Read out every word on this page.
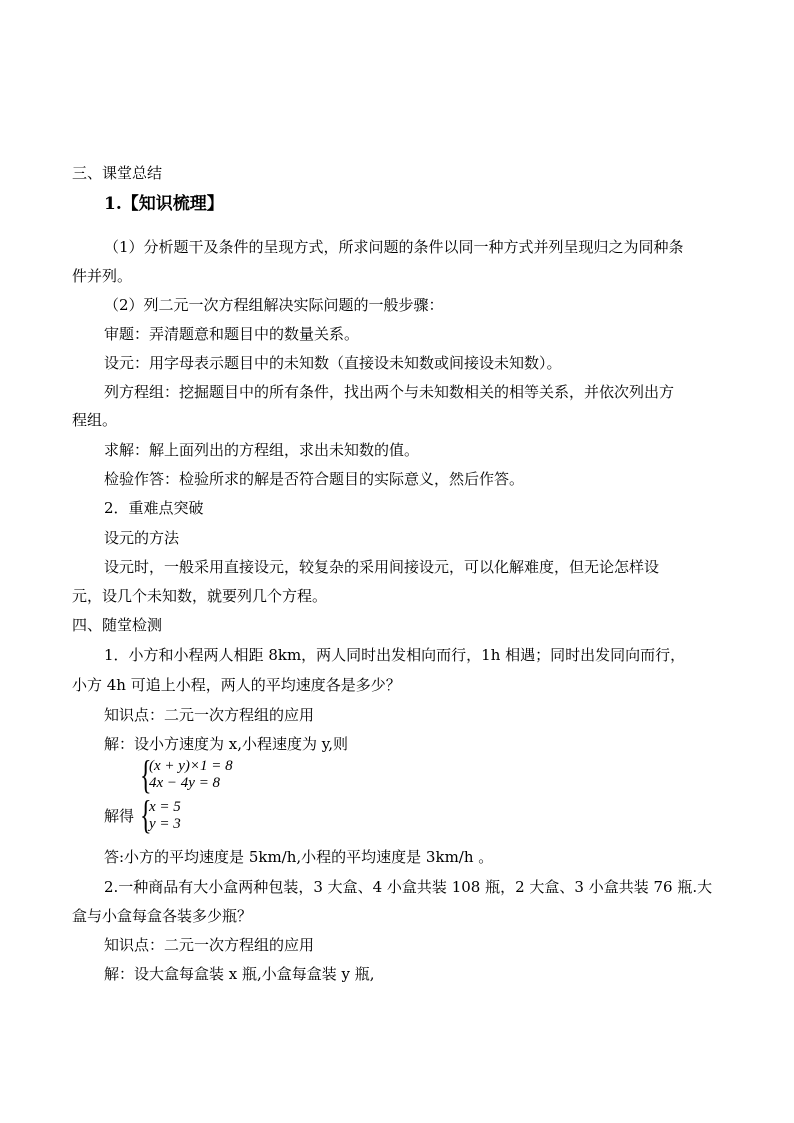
三、课堂总结
1.【知识梳理】
（1）分析题干及条件的呈现方式，所求问题的条件以同一种方式并列呈现归之为同种条
件并列。
（2）列二元一次方程组解决实际问题的一般步骤：
审题：弄清题意和题目中的数量关系。
设元：用字母表示题目中的未知数（直接设未知数或间接设未知数）。
列方程组：挖掘题目中的所有条件，找出两个与未知数相关的相等关系，并依次列出方
程组。
求解：解上面列出的方程组，求出未知数的值。
检验作答：检验所求的解是否符合题目的实际意义，然后作答。
2．重难点突破
设元的方法
设元时，一般采用直接设元，较复杂的采用间接设元，可以化解难度，但无论怎样设
元，设几个未知数，就要列几个方程。
四、随堂检测
1．小方和小程两人相距 8km，两人同时出发相向而行，1h 相遇；同时出发同向而行，
小方 4h 可追上小程，两人的平均速度各是多少？
知识点：二元一次方程组的应用
解：设小方速度为 x,小程速度为 y,则
{
(x + y)×1 = 8
4x − 4y = 8
解得 {
x = 5
y = 3
答:小方的平均速度是 5km/h,小程的平均速度是 3km/h 。
2.一种商品有大小盒两种包装，3 大盒、4 小盒共装 108 瓶，2 大盒、3 小盒共装 76 瓶.大
盒与小盒每盒各装多少瓶？
知识点：二元一次方程组的应用
解：设大盒每盒装 x 瓶,小盒每盒装 y 瓶,
